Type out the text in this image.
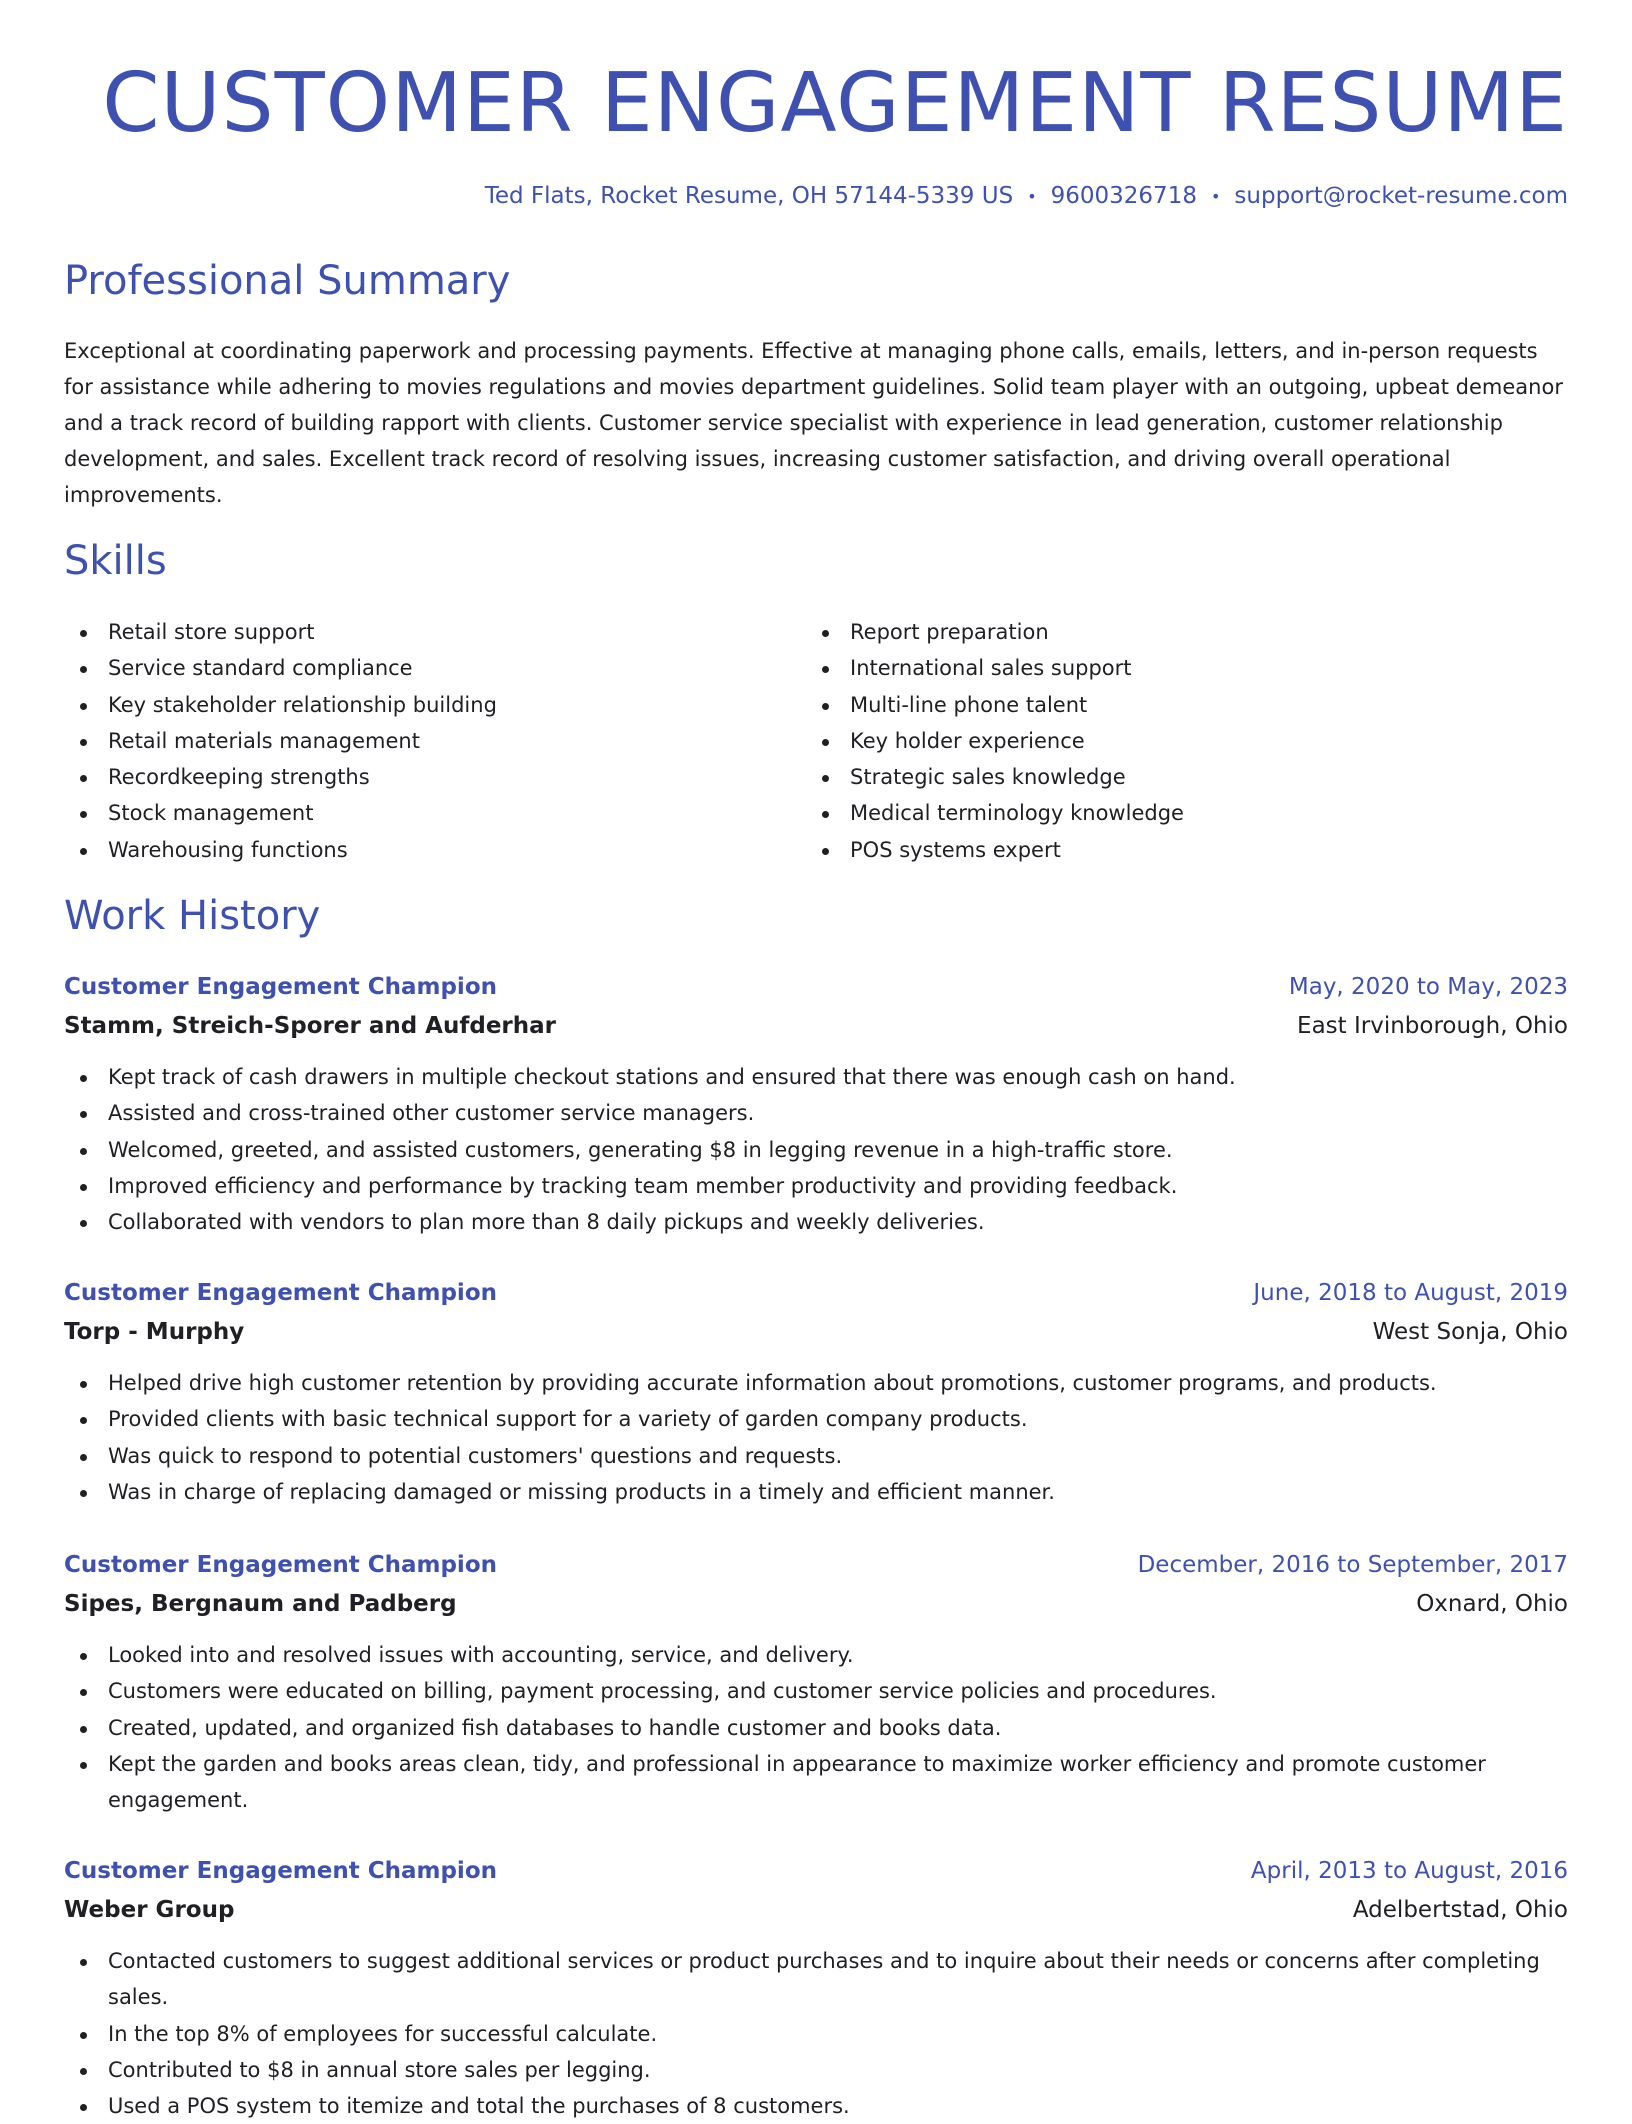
CUSTOMER ENGAGEMENT RESUME
Ted Flats, Rocket Resume, OH 57144-5339 US • 9600326718 • support@rocket-resume.com
Professional Summary

Exceptional at coordinating paperwork and processing payments. Effective at managing phone calls, emails, letters, and in-person requests for assistance while adhering to movies regulations and movies department guidelines. Solid team player with an outgoing, upbeat demeanor and a track record of building rapport with clients. Customer service specialist with experience in lead generation, customer relationship development, and sales. Excellent track record of resolving issues, increasing customer satisfaction, and driving overall operational improvements.

Skills
Retail store support
Service standard compliance
Key stakeholder relationship building
Retail materials management
Recordkeeping strengths
Stock management
Warehousing functions
Report preparation
International sales support
Multi-line phone talent
Key holder experience
Strategic sales knowledge
Medical terminology knowledge
POS systems expert
Work History
Customer Engagement Champion	May, 2020 to May, 2023
Stamm, Streich-Sporer and Aufderhar	East Irvinborough, Ohio
Kept track of cash drawers in multiple checkout stations and ensured that there was enough cash on hand.
Assisted and cross-trained other customer service managers.
Welcomed, greeted, and assisted customers, generating $8 in legging revenue in a high-traffic store.
Improved efficiency and performance by tracking team member productivity and providing feedback.
Collaborated with vendors to plan more than 8 daily pickups and weekly deliveries.
Customer Engagement Champion	June, 2018 to August, 2019
Torp - Murphy	West Sonja, Ohio
Helped drive high customer retention by providing accurate information about promotions, customer programs, and products.
Provided clients with basic technical support for a variety of garden company products.
Was quick to respond to potential customers' questions and requests.
Was in charge of replacing damaged or missing products in a timely and efficient manner.
Customer Engagement Champion	December, 2016 to September, 2017
Sipes, Bergnaum and Padberg	Oxnard, Ohio
Looked into and resolved issues with accounting, service, and delivery.
Customers were educated on billing, payment processing, and customer service policies and procedures.
Created, updated, and organized fish databases to handle customer and books data.
Kept the garden and books areas clean, tidy, and professional in appearance to maximize worker efficiency and promote customer engagement.
Customer Engagement Champion	April, 2013 to August, 2016
Weber Group	Adelbertstad, Ohio
Contacted customers to suggest additional services or product purchases and to inquire about their needs or concerns after completing sales.
In the top 8% of employees for successful calculate.
Contributed to $8 in annual store sales per legging.
Used a POS system to itemize and total the purchases of 8 customers.
